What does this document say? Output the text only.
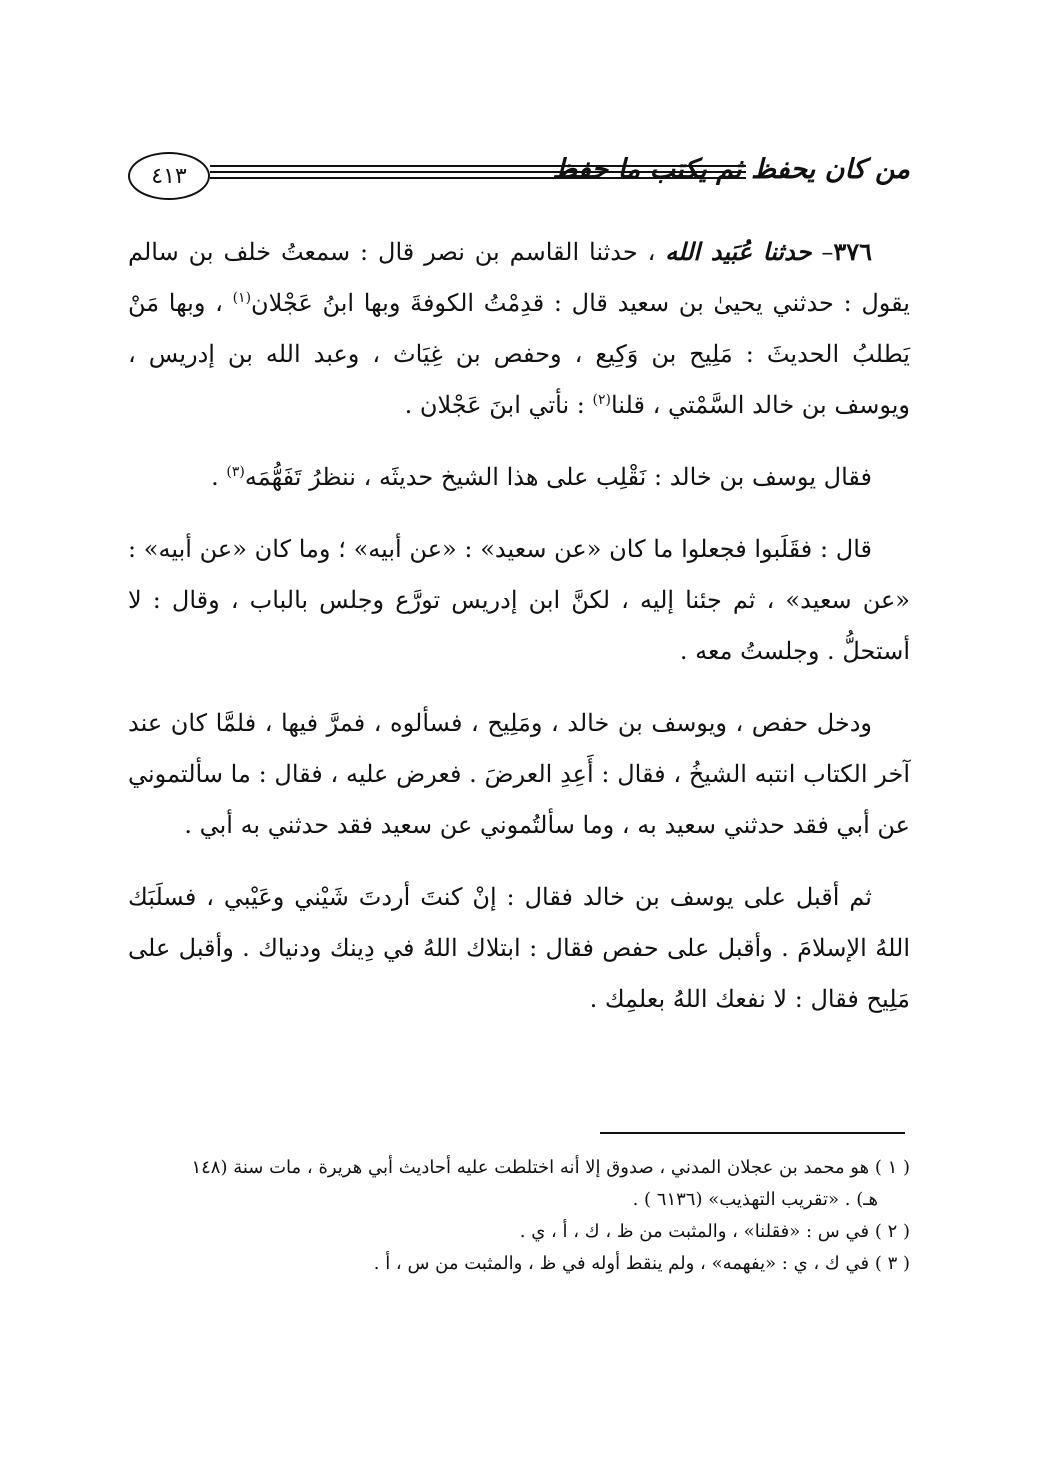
٤١٣	من كان يحفظ ثم يكتب ما حفظ

٣٧٦– حدثنا عُبَيد الله ، حدثنا القاسم بن نصر قال : سمعتُ خلف بن سالم يقول : حدثني يحيىٰ بن سعيد قال : قدِمْتُ الكوفةَ وبها ابنُ عَجْلان$^{(١)}$ ، وبها مَنْ يَطلبُ الحديثَ : مَلِيح بن وَكِيع ، وحفص بن غِيَاث ، وعبد الله بن إدريس ، ويوسف بن خالد السَّمْتي ، قلنا$^{(٢)}$ : نأتي ابنَ عَجْلان .

فقال يوسف بن خالد : نَقْلِب على هذا الشيخ حديثَه ، ننظرُ تَفَهُّمَه$^{(٣)}$ .

قال : فقَلَبوا فجعلوا ما كان «عن سعيد» : «عن أبيه» ؛ وما كان «عن أبيه» : «عن سعيد» ، ثم جئنا إليه ، لكنَّ ابن إدريس تورَّع وجلس بالباب ، وقال : لا أستحلُّ . وجلستُ معه .

ودخل حفص ، ويوسف بن خالد ، ومَلِيح ، فسألوه ، فمرَّ فيها ، فلمَّا كان عند آخر الكتاب انتبه الشيخُ ، فقال : أَعِدِ العرضَ . فعرض عليه ، فقال : ما سألتموني عن أبي فقد حدثني سعيد به ، وما سألتُموني عن سعيد فقد حدثني به أبي .

ثم أقبل على يوسف بن خالد فقال : إنْ كنتَ أردتَ شَيْني وعَيْبي ، فسلَبَك اللهُ الإسلامَ . وأقبل على حفص فقال : ابتلاك اللهُ في دِينك ودنياك . وأقبل على مَلِيح فقال : لا نفعك اللهُ بعلمِك .

( ١ ) هو محمد بن عجلان المدني ، صدوق إلا أنه اختلطت عليه أحاديث أبي هريرة ، مات سنة (١٤٨

هـ) . «تقريب التهذيب» (٦١٣٦ ) .

( ٢ ) في س : «فقلنا» ، والمثبت من ظ ، ك ، أ ، ي .

( ٣ ) في ك ، ي : «يفهمه» ، ولم ينقط أوله في ظ ، والمثبت من س ، أ .
